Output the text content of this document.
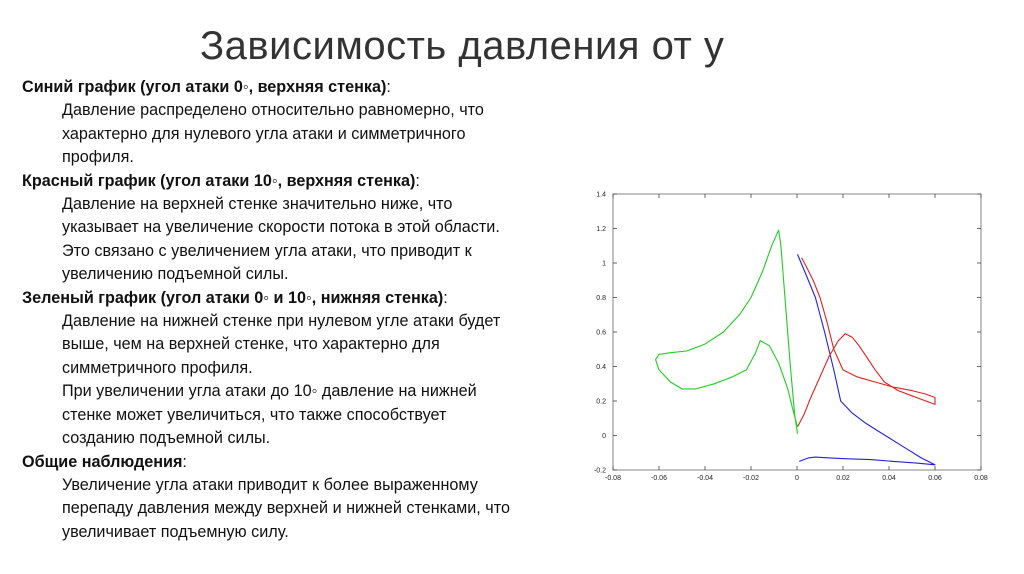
Зависимость давления от у
Синий график (угол атаки 0◦, верхняя стенка):
Давление распределено относительно равномерно, что
характерно для нулевого угла атаки и симметричного
профиля.
Красный график (угол атаки 10◦, верхняя стенка):
Давление на верхней стенке значительно ниже, что
указывает на увеличение скорости потока в этой области.
Это связано с увеличением угла атаки, что приводит к
увеличению подъемной силы.
Зеленый график (угол атаки 0◦ и 10◦, нижняя стенка):
Давление на нижней стенке при нулевом угле атаки будет
выше, чем на верхней стенке, что характерно для
симметричного профиля.
При увеличении угла атаки до 10◦ давление на нижней
стенке может увеличиться, что также способствует
созданию подъемной силы.
Общие наблюдения:
Увеличение угла атаки приводит к более выраженному
перепаду давления между верхней и нижней стенками, что
увеличивает подъемную силу.
-0.08	-0.06	-0.04	-0.02	0	0.02	0.04	0.06	0.08
-0.2
0
0.2
0.4
0.6
0.8
1
1.2
1.4
